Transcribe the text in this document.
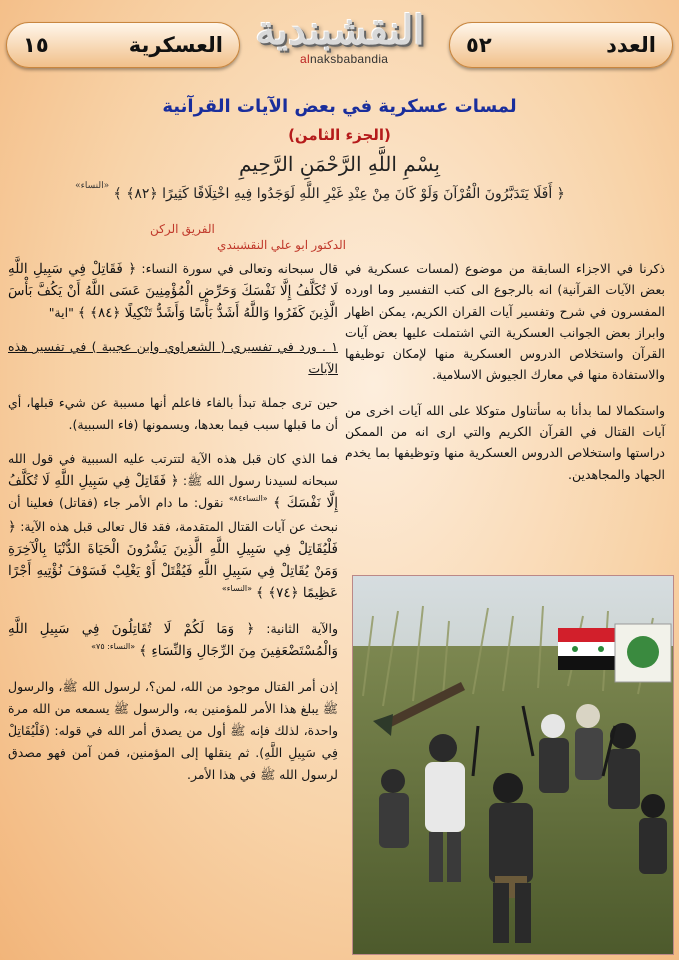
العدد
٥٢
النقشبندية
alnaksbabandia
العسكرية
١٥
لمسات عسكرية في بعض الآيات القرآنية
(الجزء الثامن)
بِسْمِ اللَّهِ الرَّحْمَنِ الرَّحِيمِ
﴿ أَفَلَا يَتَدَبَّرُونَ الْقُرْآنَ وَلَوْ كَانَ مِنْ عِنْدِ غَيْرِ اللَّهِ لَوَجَدُوا فِيهِ اخْتِلَافًا كَثِيرًا ﴿٨٢﴾ ﴾ $^{«النساء»}$
الفريق الركن
الدكتور ابو علي النقشبندي

ذكرنا في الاجزاء السابقة من موضوع (لمسات عسكرية في بعض الآيات القرآنية) انه بالرجوع الى كتب التفسير وما اورده المفسرون في شرح وتفسير آيات القران الكريم، يمكن اظهار وابراز بعض الجوانب العسكرية التي اشتملت عليها بعض آيات القرآن واستخلاص الدروس العسكرية منها لإمكان توظيفها والاستفادة منها في معارك الجيوش الاسلامية.

واستكمالا لما بدأنا به سأتناول متوكلا على الله آيات اخرى من آيات القتال في القرآن الكريم والتي ارى انه من الممكن دراستها واستخلاص الدروس العسكرية منها وتوظيفها بما يخدم الجهاد والمجاهدين.

قال سبحانه وتعالى في سورة النساء: ﴿ فَقَاتِلْ فِي سَبِيلِ اللَّهِ لَا تُكَلَّفُ إِلَّا نَفْسَكَ وَحَرِّضِ الْمُؤْمِنِينَ عَسَى اللَّهُ أَنْ يَكُفَّ بَأْسَ الَّذِينَ كَفَرُوا وَاللَّهُ أَشَدُّ بَأْسًا وَأَشَدُّ تَنْكِيلًا ﴿٨٤﴾ ﴾ "اية"

١ . ورد في تفسيري ( الشعراوي وابن عجيبة ) في تفسير هذه الآيات

حين ترى جملة تبدأ بالفاء فاعلم أنها مسببة عن شيء قبلها، أي أن ما قبلها سبب فيما بعدها، ويسمونها (فاء السببية).

فما الذي كان قبل هذه الآية لتترتب عليه السببية في قول الله سبحانه لسيدنا رسول الله ﷺ: ﴿ فَقَاتِلْ فِي سَبِيلِ اللَّهِ لَا تُكَلَّفُ إِلَّا نَفْسَكَ ﴾ $^{«النساء٨٤»}$ نقول: ما دام الأمر جاء (فقاتل) فعلينا أن نبحث عن آيات القتال المتقدمة، فقد قال تعالى قبل هذه الآية: ﴿ فَلْيُقَاتِلْ فِي سَبِيلِ اللَّهِ الَّذِينَ يَشْرُونَ الْحَيَاةَ الدُّنْيَا بِالْآخِرَةِ وَمَنْ يُقَاتِلْ فِي سَبِيلِ اللَّهِ فَيُقْتَلْ أَوْ يَغْلِبْ فَسَوْفَ نُؤْتِيهِ أَجْرًا عَظِيمًا ﴿٧٤﴾ ﴾ $^{«النساء»}$

والآية الثانية: ﴿ وَمَا لَكُمْ لَا تُقَاتِلُونَ فِي سَبِيلِ اللَّهِ وَالْمُسْتَضْعَفِينَ مِنَ الرِّجَالِ وَالنِّسَاءِ ﴾ $^{«النساء: ٧٥»}$

إذن أمر القتال موجود من الله، لمن؟، لرسول الله ﷺ، والرسول ﷺ يبلغ هذا الأمر للمؤمنين به، والرسول ﷺ يسمعه من الله مرة واحدة، لذلك فإنه ﷺ أول من يصدق أمر الله في قوله: (فَلْيُقَاتِلْ فِي سَبِيلِ اللَّهِ). ثم ينقلها إلى المؤمنين، فمن آمن فهو مصدق لرسول الله ﷺ في هذا الأمر.
